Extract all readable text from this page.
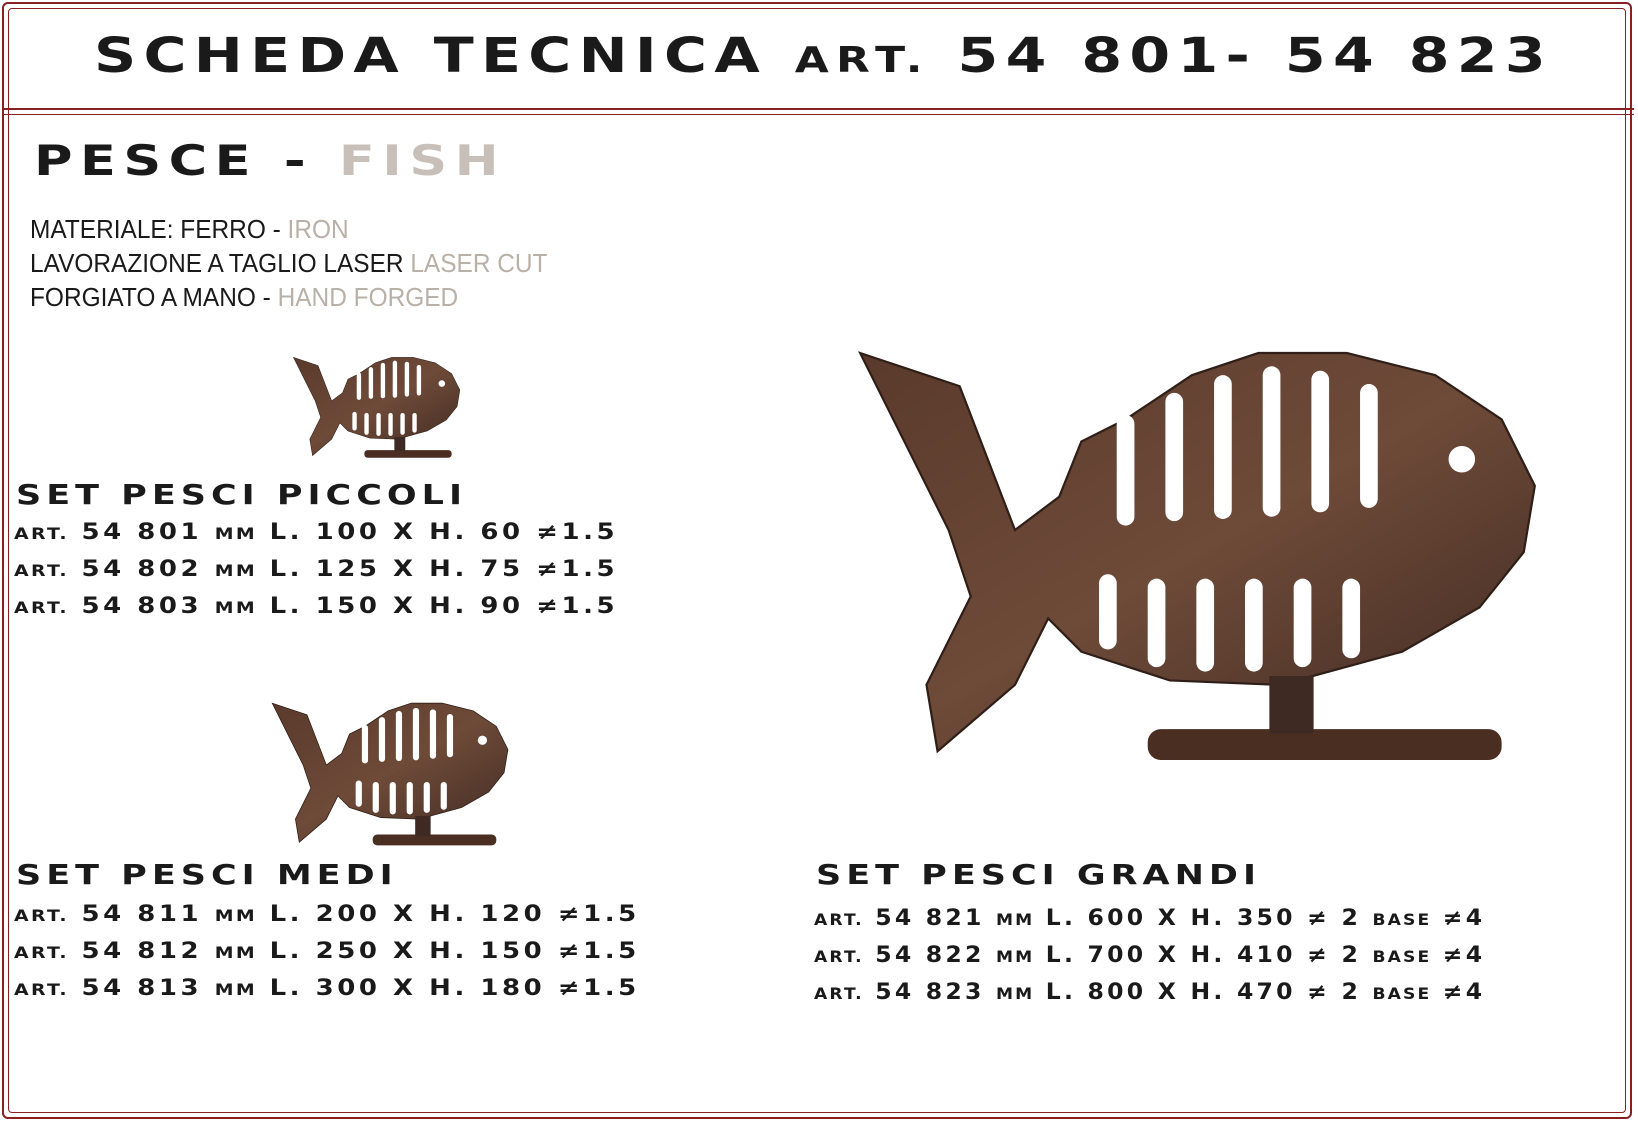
SCHEDA TECNICA ART. 54 801- 54 823
PESCE - FISH
MATERIALE: FERRO - IRON
LAVORAZIONE A TAGLIO LASER LASER CUT
FORGIATO A MANO - HAND FORGED
SET PESCI PICCOLI
ART. 54 801 MM L. 100 X H. 60 ≠1.5
ART. 54 802 MM L. 125 X H. 75 ≠1.5
ART. 54 803 MM L. 150 X H. 90 ≠1.5
SET PESCI MEDI
ART. 54 811 MM L. 200 X H. 120 ≠1.5
ART. 54 812 MM L. 250 X H. 150 ≠1.5
ART. 54 813 MM L. 300 X H. 180 ≠1.5
SET PESCI GRANDI
ART. 54 821 MM L. 600 X H. 350 ≠ 2 BASE ≠4
ART. 54 822 MM L. 700 X H. 410 ≠ 2 BASE ≠4
ART. 54 823 MM L. 800 X H. 470 ≠ 2 BASE ≠4
